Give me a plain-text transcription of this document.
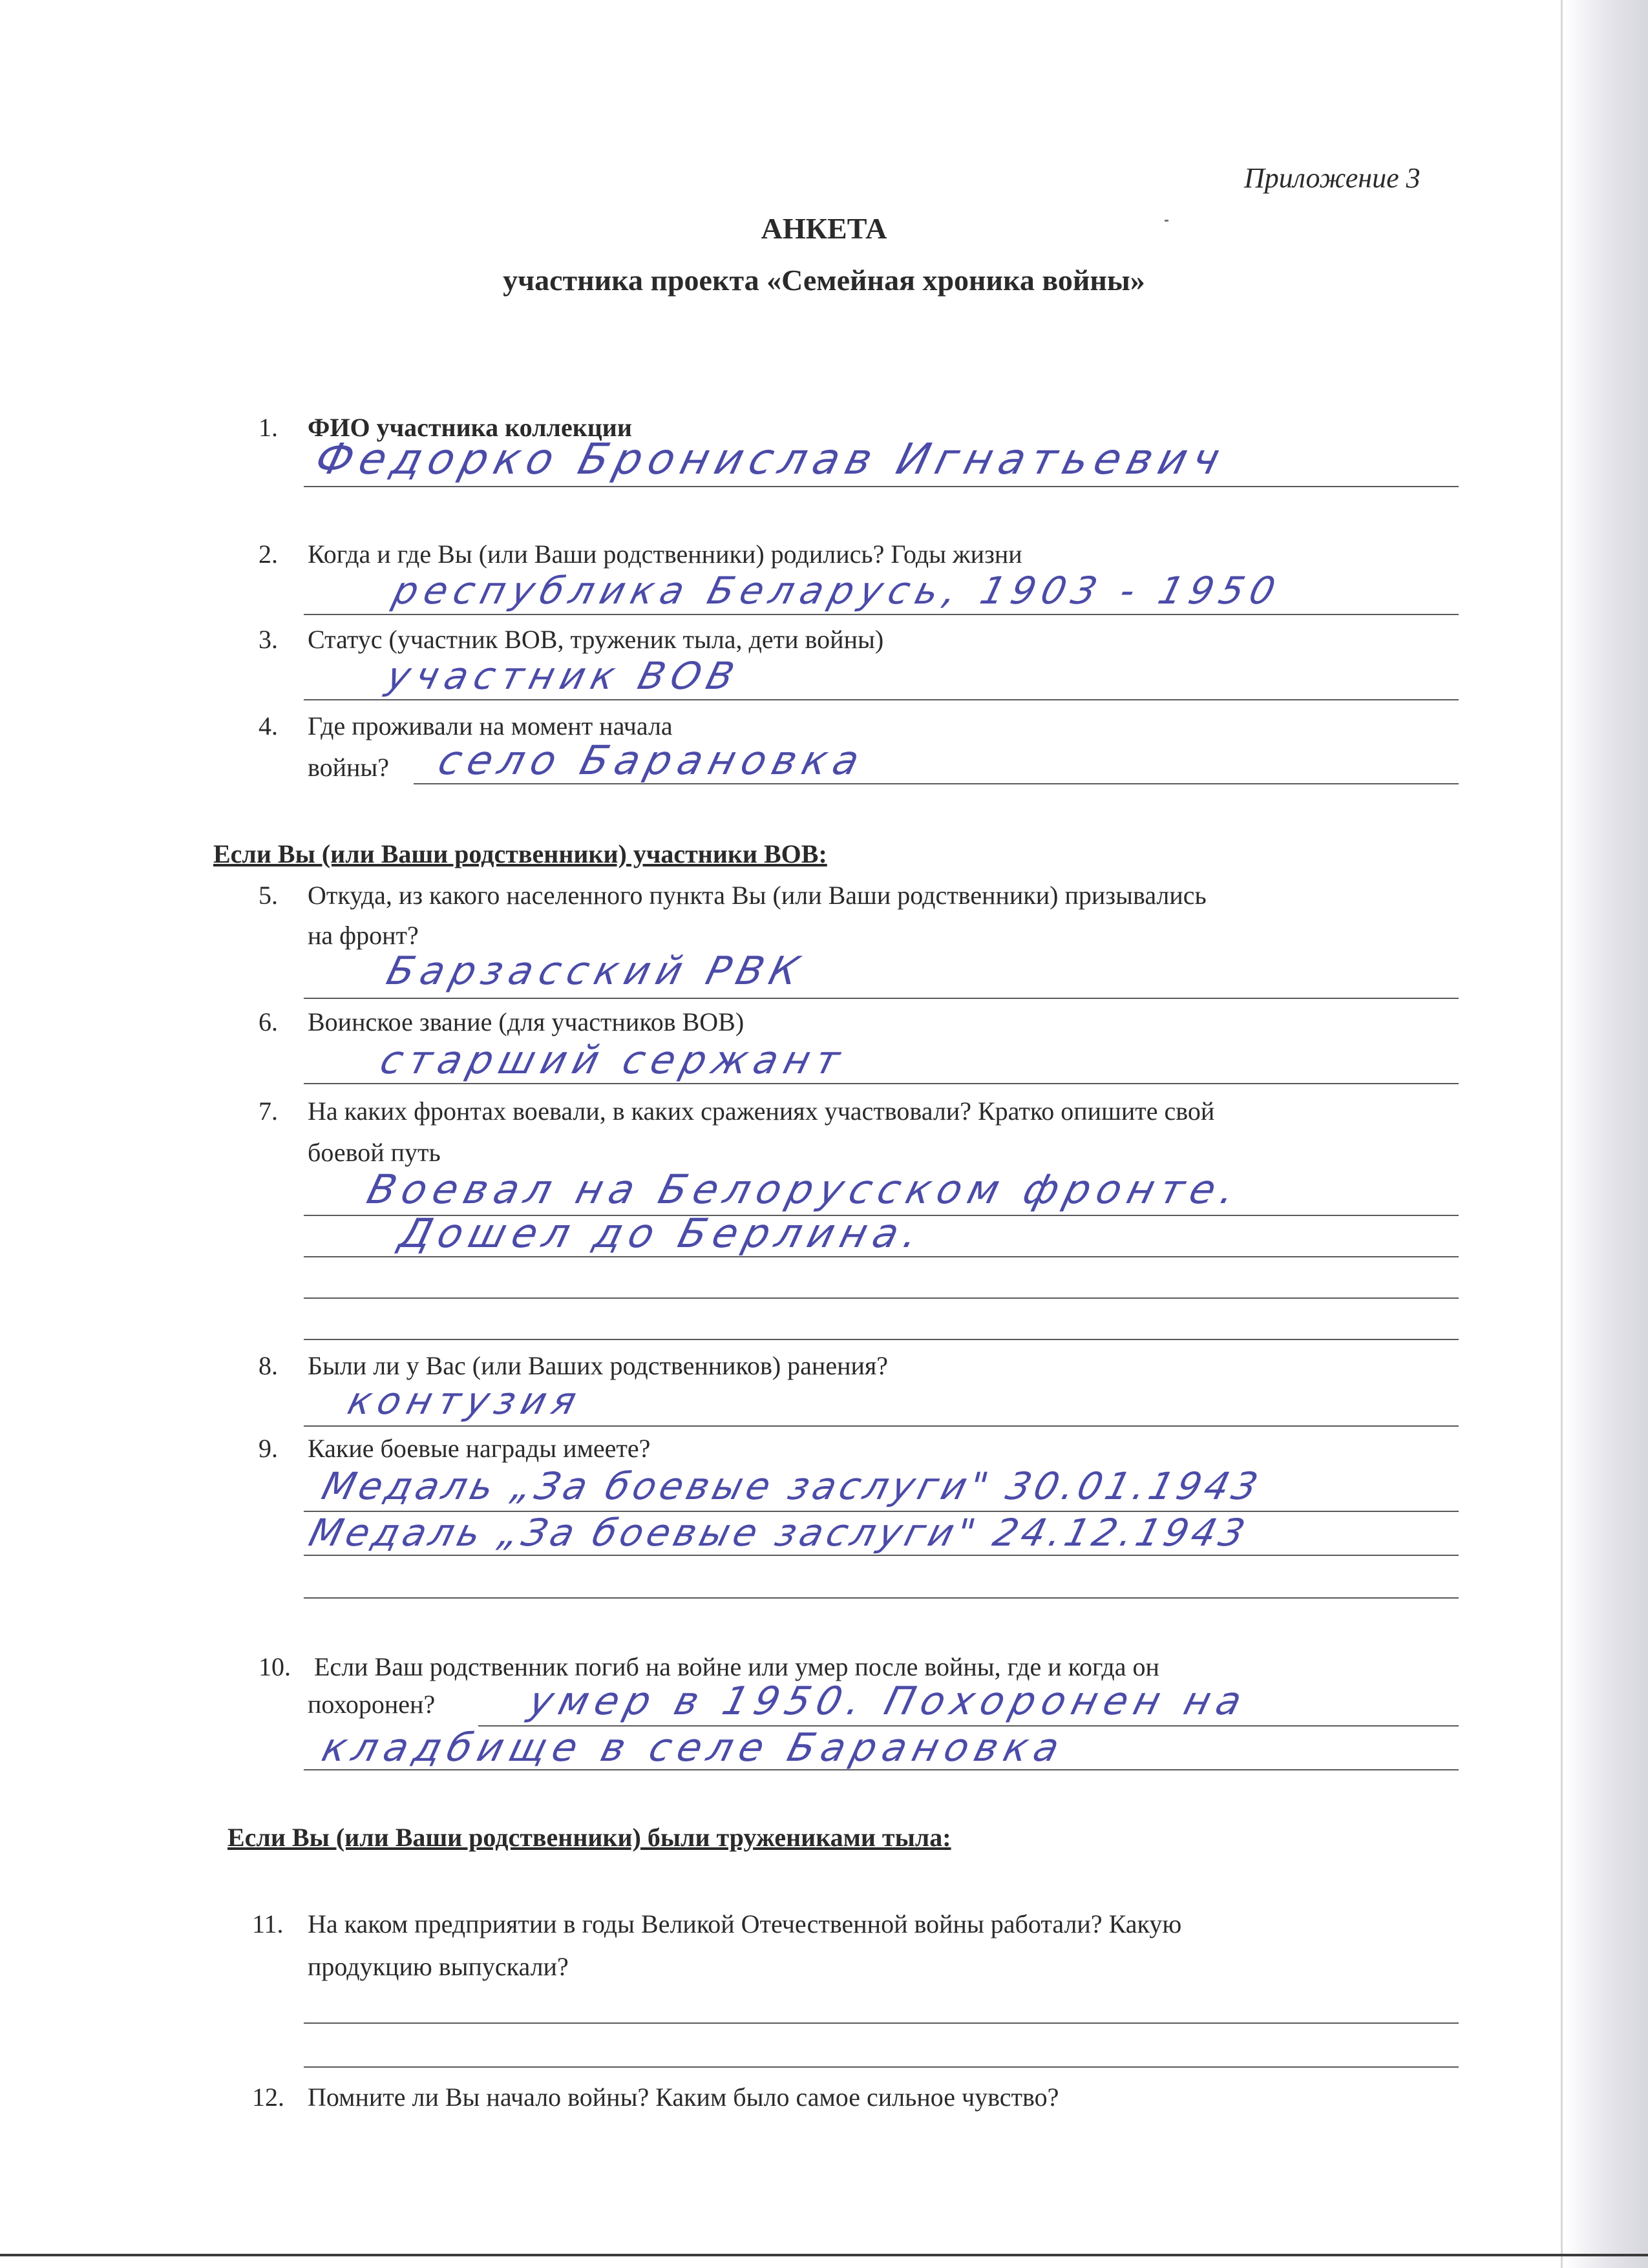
Приложение 3
АНКЕТА
участника проекта «Семейная хроника войны»
1. ФИО участника коллекции
Федорко Бронислав Игнатьевич
2. Когда и где Вы (или Ваши родственники) родились? Годы жизни
республика Беларусь, 1903 - 1950
3. Статус (участник ВОВ, труженик тыла, дети войны)
участник ВОВ
4. Где проживали на момент начала
войны? село Барановка
Если Вы (или Ваши родственники) участники ВОВ:
5. Откуда, из какого населенного пункта Вы (или Ваши родственники) призывались
на фронт?
Барзасский РВК
6. Воинское звание (для участников ВОВ)
старший сержант
7. На каких фронтах воевали, в каких сражениях участвовали? Кратко опишите свой
боевой путь
Воевал на Белорусском фронте.
Дошел до Берлина.
8. Были ли у Вас (или Ваших родственников) ранения?
контузия
9. Какие боевые награды имеете?
Медаль „За боевые заслуги" 30.01.1943
Медаль „За боевые заслуги" 24.12.1943
10. Если Ваш родственник погиб на войне или умер после войны, где и когда он
похоронен? умер в 1950. Похоронен на
кладбище в селе Барановка
Если Вы (или Ваши родственники) были тружениками тыла:
11. На каком предприятии в годы Великой Отечественной войны работали? Какую
продукцию выпускали?
12. Помните ли Вы начало войны? Каким было самое сильное чувство?
